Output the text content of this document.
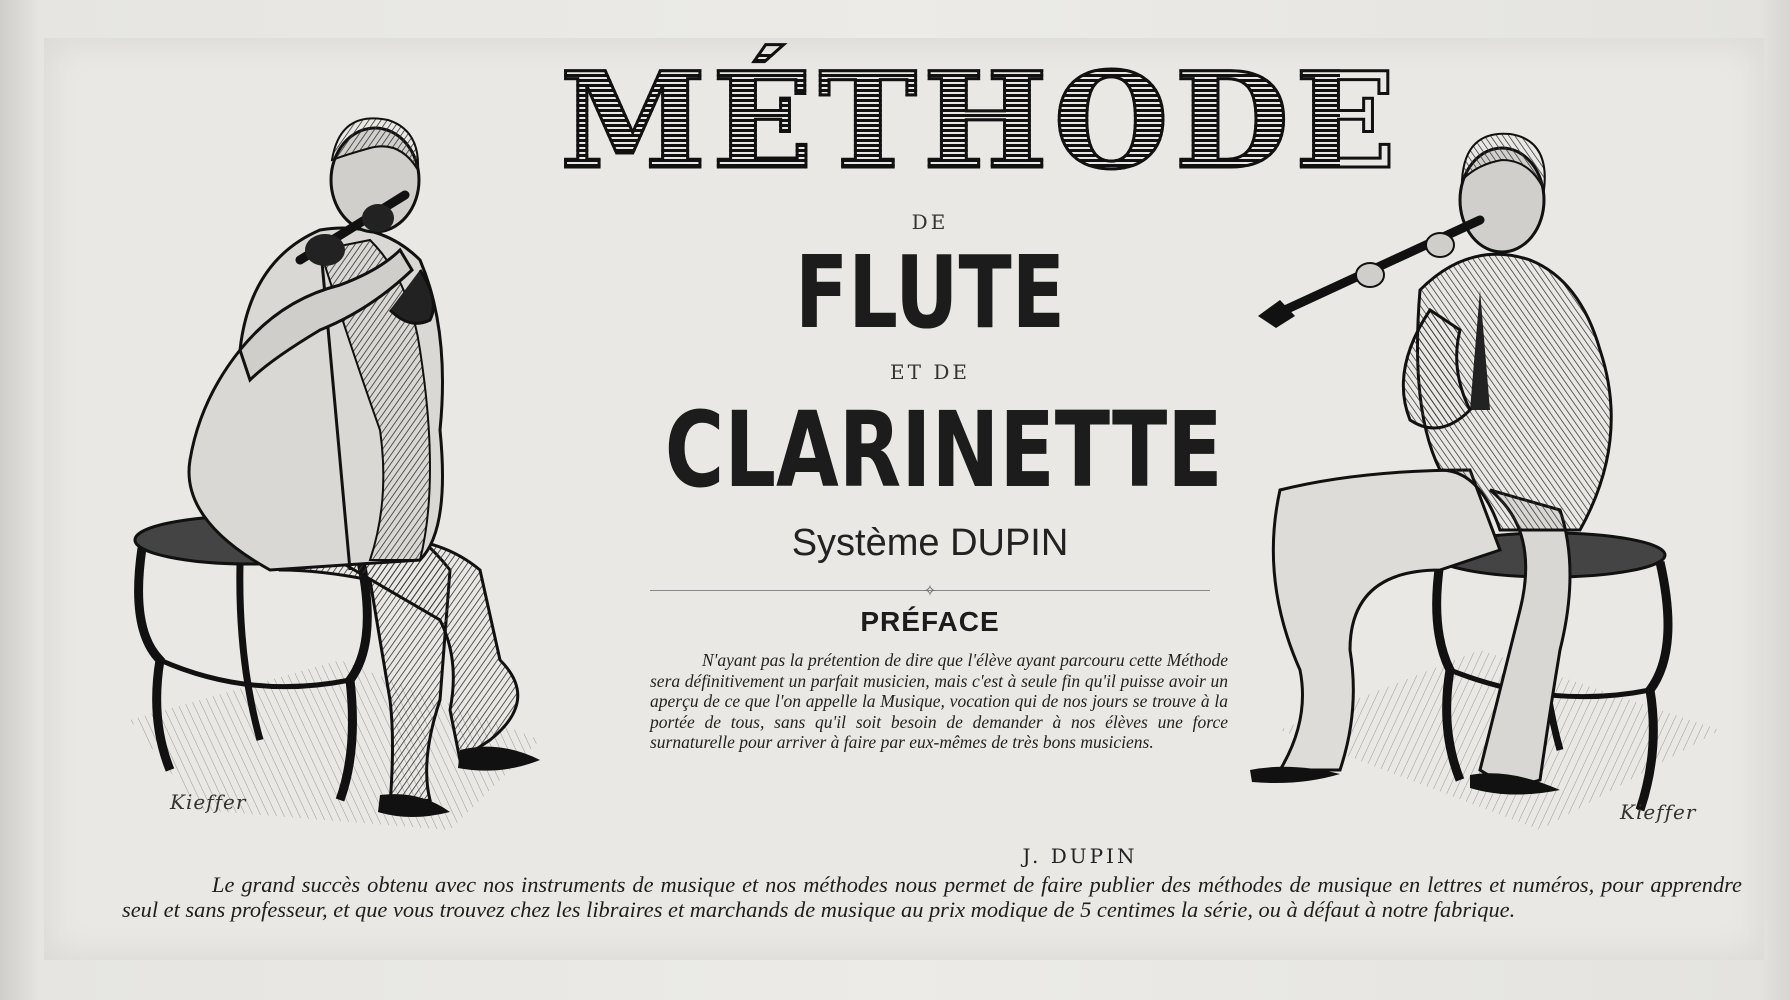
Kieffer	Kieffer
MÉTHODE
DE
FLUTE
ET DE
CLARINETTE
Système DUPIN
✧
PRÉFACE
N'ayant pas la prétention de dire que l'élève ayant parcouru cette Méthode sera définitivement un parfait musicien, mais c'est à seule fin qu'il puisse avoir un aperçu de ce que l'on appelle la Musique, vocation qui de nos jours se trouve à la portée de tous, sans qu'il soit besoin de demander à nos élèves une force surnaturelle pour arriver à faire par eux-mêmes de très bons musiciens.
J. DUPIN
Le grand succès obtenu avec nos instruments de musique et nos méthodes nous permet de faire publier des méthodes de musique en lettres et numéros, pour apprendre seul et sans professeur, et que vous trouvez chez les libraires et marchands de musique au prix modique de 5 centimes la série, ou à défaut à notre fabrique.
